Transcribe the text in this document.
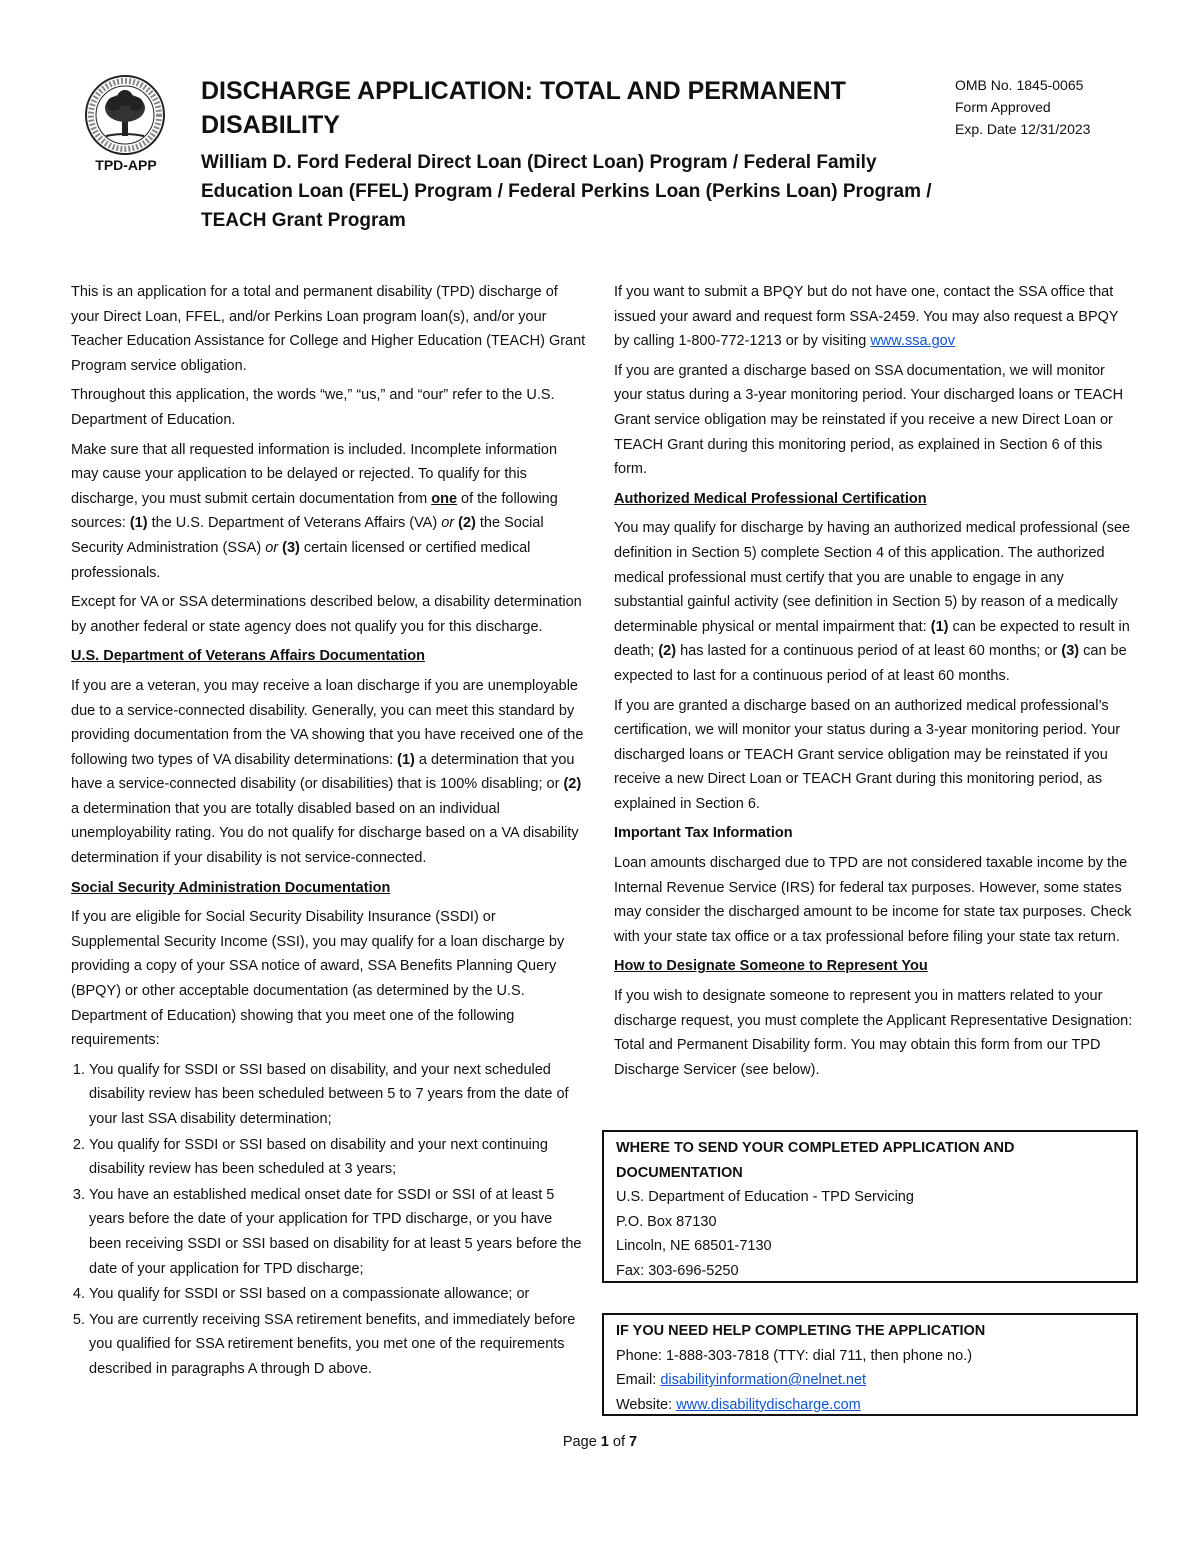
TPD-APP
DISCHARGE APPLICATION: TOTAL AND PERMANENT DISABILITY
William D. Ford Federal Direct Loan (Direct Loan) Program / Federal Family Education Loan (FFEL) Program / Federal Perkins Loan (Perkins Loan) Program / TEACH Grant Program
OMB No. 1845-0065
Form Approved
Exp. Date 12/31/2023

This is an application for a total and permanent disability (TPD) discharge of your Direct Loan, FFEL, and/or Perkins Loan program loan(s), and/or your Teacher Education Assistance for College and Higher Education (TEACH) Grant Program service obligation.

Throughout this application, the words “we,” “us,” and “our” refer to the U.S. Department of Education.

Make sure that all requested information is included. Incomplete information may cause your application to be delayed or rejected. To qualify for this discharge, you must submit certain documentation from one of the following sources: (1) the U.S. Department of Veterans Affairs (VA) or (2) the Social Security Administration (SSA) or (3) certain licensed or certified medical professionals.

Except for VA or SSA determinations described below, a disability determination by another federal or state agency does not qualify you for this discharge.

U.S. Department of Veterans Affairs Documentation

If you are a veteran, you may receive a loan discharge if you are unemployable due to a service-connected disability. Generally, you can meet this standard by providing documentation from the VA showing that you have received one of the following two types of VA disability determinations: (1) a determination that you have a service-connected disability (or disabilities) that is 100% disabling; or (2) a determination that you are totally disabled based on an individual unemployability rating. You do not qualify for discharge based on a VA disability determination if your disability is not service-connected.

Social Security Administration Documentation

If you are eligible for Social Security Disability Insurance (SSDI) or Supplemental Security Income (SSI), you may qualify for a loan discharge by providing a copy of your SSA notice of award, SSA Benefits Planning Query (BPQY) or other acceptable documentation (as determined by the U.S. Department of Education) showing that you meet one of the following requirements:

1. You qualify for SSDI or SSI based on disability, and your next scheduled disability review has been scheduled between 5 to 7 years from the date of your last SSA disability determination;
2. You qualify for SSDI or SSI based on disability and your next continuing disability review has been scheduled at 3 years;
3. You have an established medical onset date for SSDI or SSI of at least 5 years before the date of your application for TPD discharge, or you have been receiving SSDI or SSI based on disability for at least 5 years before the date of your application for TPD discharge;
4. You qualify for SSDI or SSI based on a compassionate allowance; or
5. You are currently receiving SSA retirement benefits, and immediately before you qualified for SSA retirement benefits, you met one of the requirements described in paragraphs A through D above.

If you want to submit a BPQY but do not have one, contact the SSA office that issued your award and request form SSA-2459. You may also request a BPQY by calling 1-800-772-1213 or by visiting www.ssa.gov

If you are granted a discharge based on SSA documentation, we will monitor your status during a 3-year monitoring period. Your discharged loans or TEACH Grant service obligation may be reinstated if you receive a new Direct Loan or TEACH Grant during this monitoring period, as explained in Section 6 of this form.

Authorized Medical Professional Certification

You may qualify for discharge by having an authorized medical professional (see definition in Section 5) complete Section 4 of this application. The authorized medical professional must certify that you are unable to engage in any substantial gainful activity (see definition in Section 5) by reason of a medically determinable physical or mental impairment that: (1) can be expected to result in death; (2) has lasted for a continuous period of at least 60 months; or (3) can be expected to last for a continuous period of at least 60 months.

If you are granted a discharge based on an authorized medical professional’s certification, we will monitor your status during a 3-year monitoring period. Your discharged loans or TEACH Grant service obligation may be reinstated if you receive a new Direct Loan or TEACH Grant during this monitoring period, as explained in Section 6.

Important Tax Information

Loan amounts discharged due to TPD are not considered taxable income by the Internal Revenue Service (IRS) for federal tax purposes. However, some states may consider the discharged amount to be income for state tax purposes. Check with your state tax office or a tax professional before filing your state tax return.

How to Designate Someone to Represent You

If you wish to designate someone to represent you in matters related to your discharge request, you must complete the Applicant Representative Designation: Total and Permanent Disability form. You may obtain this form from our TPD Discharge Servicer (see below).

WHERE TO SEND YOUR COMPLETED APPLICATION AND DOCUMENTATION
U.S. Department of Education - TPD Servicing
P.O. Box 87130
Lincoln, NE 68501-7130
Fax: 303-696-5250
IF YOU NEED HELP COMPLETING THE APPLICATION
Phone: 1-888-303-7818 (TTY: dial 711, then phone no.)
Email: disabilityinformation@nelnet.net
Website: www.disabilitydischarge.com
Page 1 of 7
